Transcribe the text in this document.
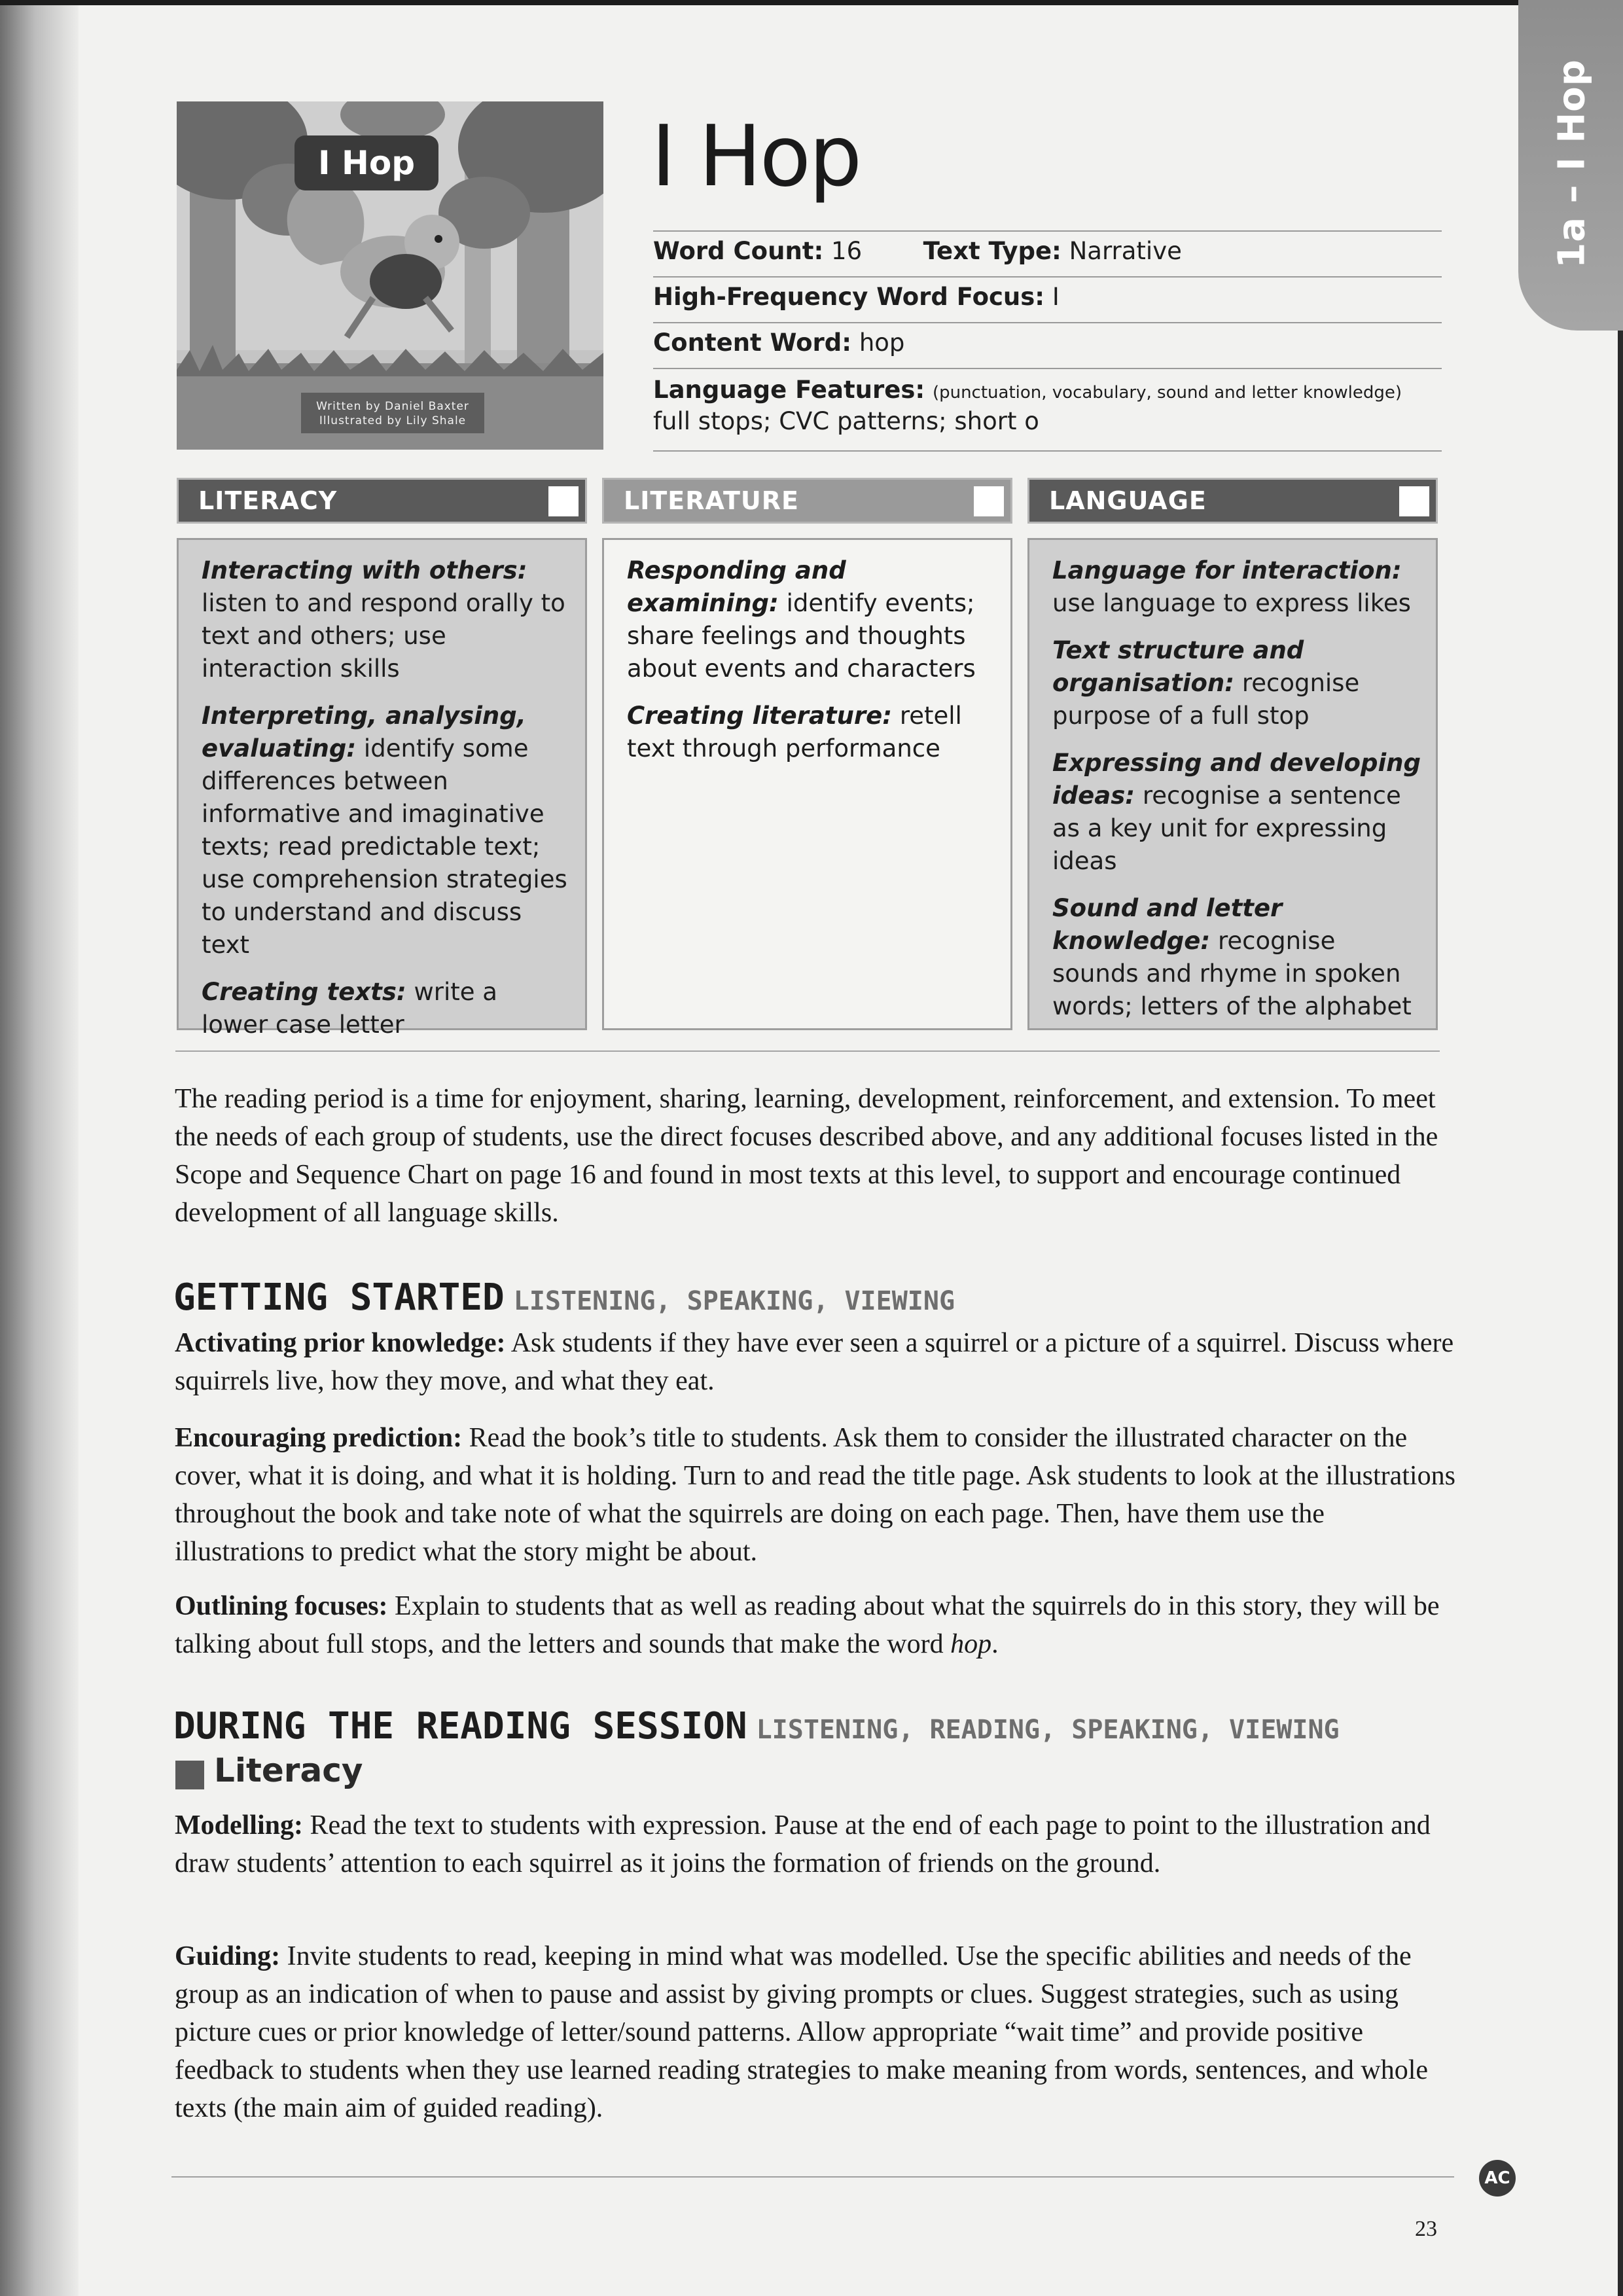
1a – I Hop
I Hop
Written by Daniel Baxter
Illustrated by Lily Shale
I Hop
Word Count: 16	Text Type: Narrative
High-Frequency Word Focus: I
Content Word: hop
Language Features: (punctuation, vocabulary, sound and letter knowledge)
full stops; CVC patterns; short o
LITERACY	LITERATURE	LANGUAGE

Interacting with others: listen to and respond orally to text and others; use interaction skills

Interpreting, analysing, evaluating: identify some differences between informative and imaginative texts; read predictable text; use comprehension strategies to understand and discuss text

Creating texts: write a lower case letter

Responding and examining: identify events; share feelings and thoughts about events and characters

Creating literature: retell text through performance

Language for interaction: use language to express likes

Text structure and organisation: recognise purpose of a full stop

Expressing and developing ideas: recognise a sentence as a key unit for expressing ideas

Sound and letter knowledge: recognise sounds and rhyme in spoken words; letters of the alphabet

The reading period is a time for enjoyment, sharing, learning, development, reinforcement, and extension. To meet the needs of each group of students, use the direct focuses described above, and any additional focuses listed in the Scope and Sequence Chart on page 16 and found in most texts at this level, to support and encourage continued development of all language skills.
GETTING STARTED LISTENING, SPEAKING, VIEWING
Activating prior knowledge: Ask students if they have ever seen a squirrel or a picture of a squirrel. Discuss where squirrels live, how they move, and what they eat.
Encouraging prediction: Read the book’s title to students. Ask them to consider the illustrated character on the cover, what it is doing, and what it is holding. Turn to and read the title page. Ask students to look at the illustrations throughout the book and take note of what the squirrels are doing on each page. Then, have them use the illustrations to predict what the story might be about.
Outlining focuses: Explain to students that as well as reading about what the squirrels do in this story, they will be talking about full stops, and the letters and sounds that make the word hop.
DURING THE READING SESSION LISTENING, READING, SPEAKING, VIEWING
Literacy
Modelling: Read the text to students with expression. Pause at the end of each page to point to the illustration and draw students’ attention to each squirrel as it joins the formation of friends on the ground.
Guiding: Invite students to read, keeping in mind what was modelled. Use the specific abilities and needs of the group as an indication of when to pause and assist by giving prompts or clues. Suggest strategies, such as using picture cues or prior knowledge of letter/sound patterns. Allow appropriate “wait time” and provide positive feedback to students when they use learned reading strategies to make meaning from words, sentences, and whole texts (the main aim of guided reading).
AC
23
